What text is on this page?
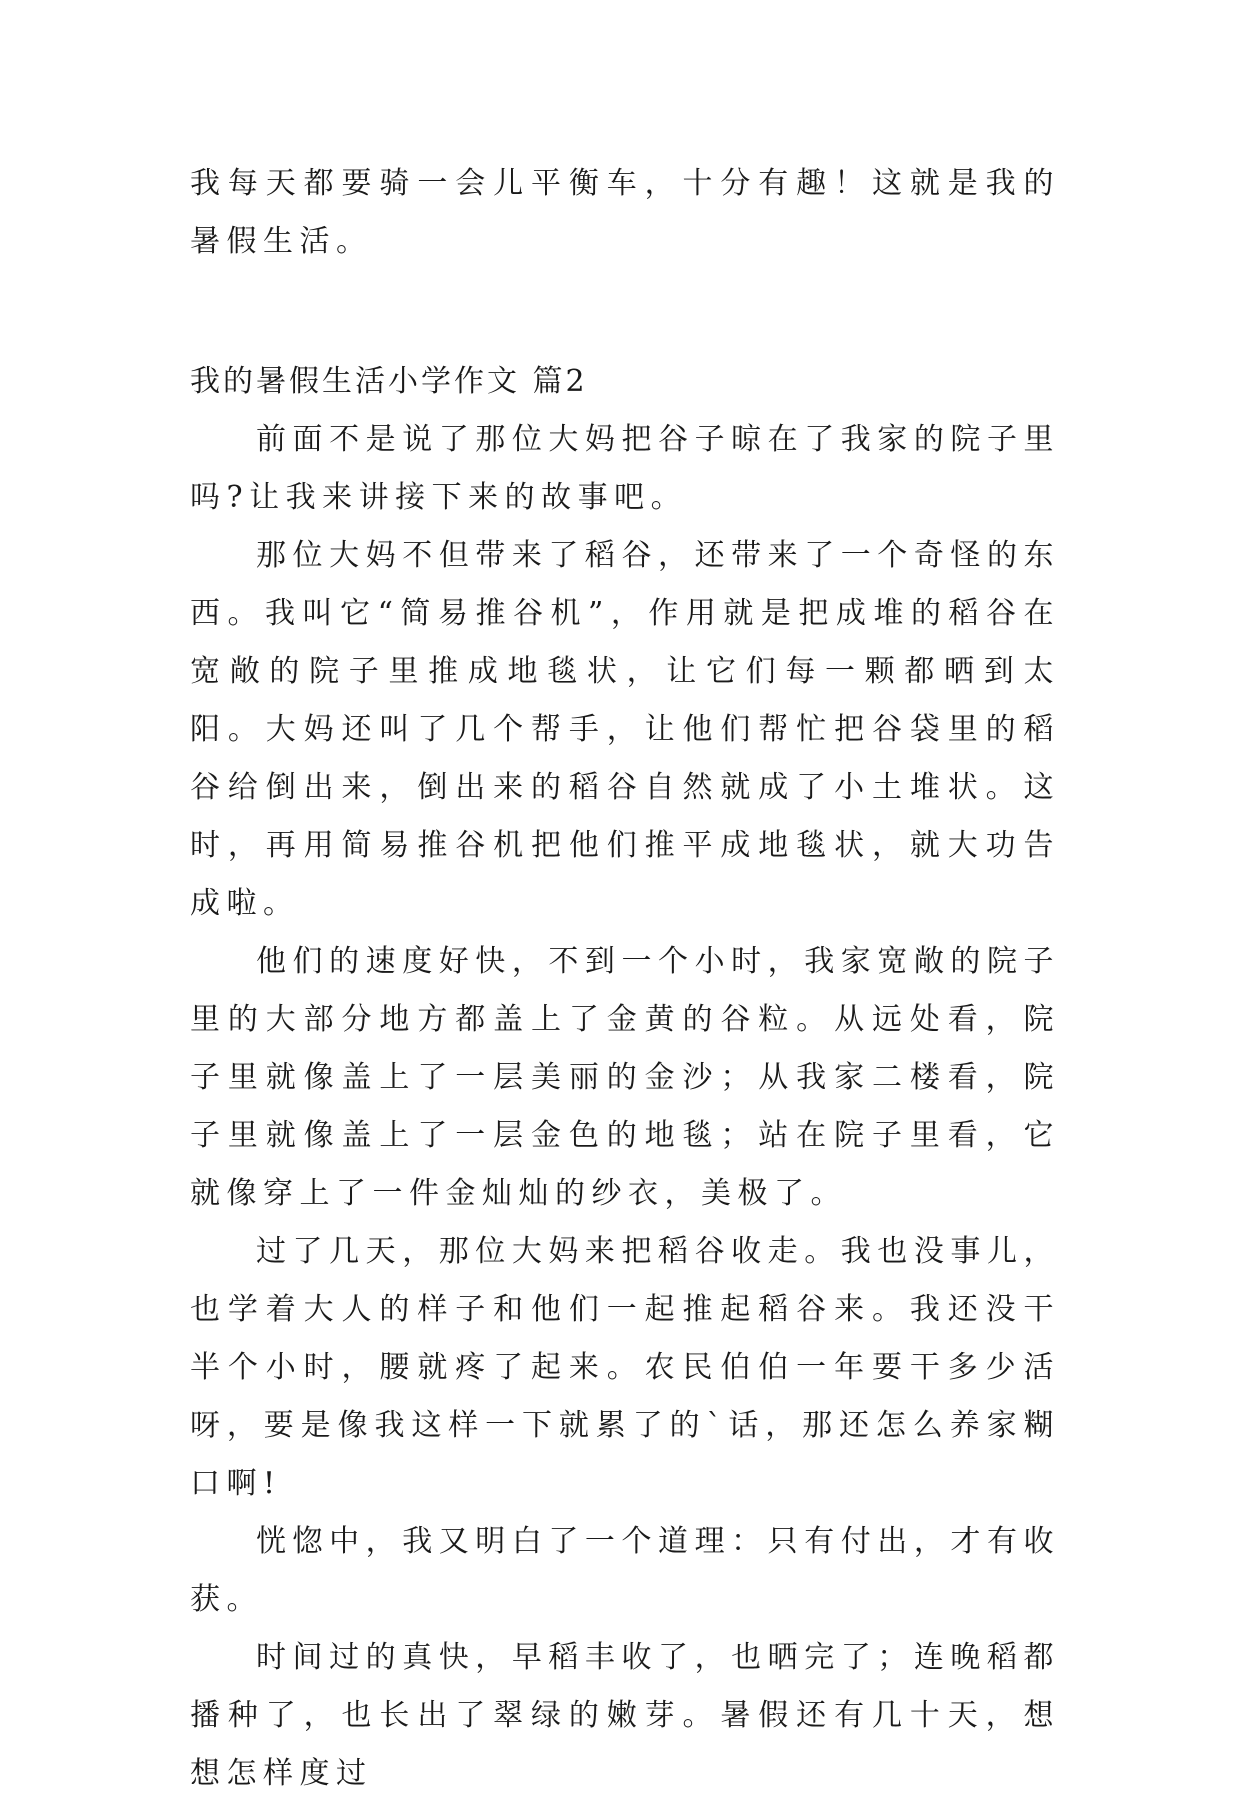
我每天都要骑一会儿平衡车，十分有趣！这就是我的暑假生活。

我的暑假生活小学作文 篇2

前面不是说了那位大妈把谷子晾在了我家的院子里吗?让我来讲接下来的故事吧。

那位大妈不但带来了稻谷，还带来了一个奇怪的东西。我叫它“简易推谷机”，作用就是把成堆的稻谷在宽敞的院子里推成地毯状，让它们每一颗都晒到太阳。大妈还叫了几个帮手，让他们帮忙把谷袋里的稻谷给倒出来，倒出来的稻谷自然就成了小土堆状。这时，再用简易推谷机把他们推平成地毯状，就大功告成啦。

他们的速度好快，不到一个小时，我家宽敞的院子里的大部分地方都盖上了金黄的谷粒。从远处看，院子里就像盖上了一层美丽的金沙；从我家二楼看，院子里就像盖上了一层金色的地毯；站在院子里看，它就像穿上了一件金灿灿的纱衣，美极了。

过了几天，那位大妈来把稻谷收走。我也没事儿，也学着大人的样子和他们一起推起稻谷来。我还没干半个小时，腰就疼了起来。农民伯伯一年要干多少活呀，要是像我这样一下就累了的`话，那还怎么养家糊口啊!

恍惚中，我又明白了一个道理：只有付出，才有收获。

时间过的真快，早稻丰收了，也晒完了；连晚稻都播种了，也长出了翠绿的嫩芽。暑假还有几十天，想想怎样度过
